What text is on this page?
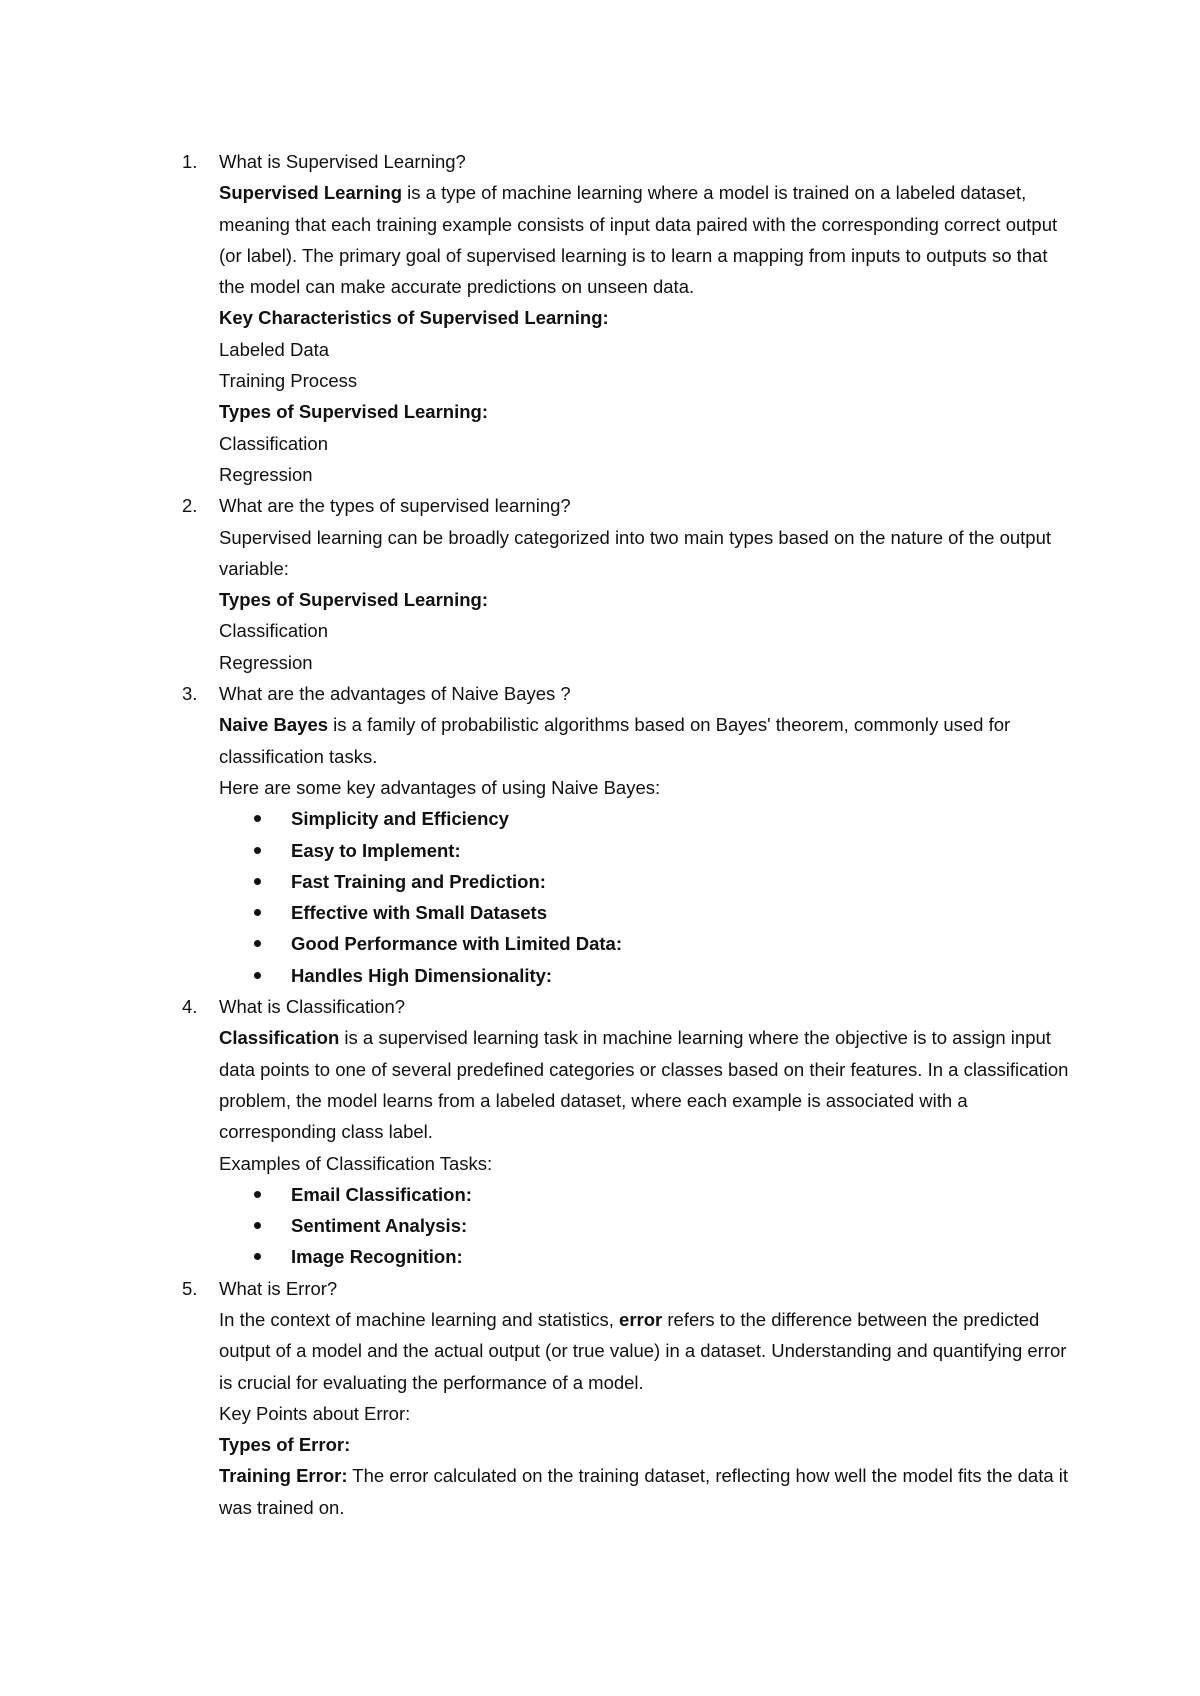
1. What is Supervised Learning?
Supervised Learning is a type of machine learning where a model is trained on a labeled dataset, meaning that each training example consists of input data paired with the corresponding correct output (or label). The primary goal of supervised learning is to learn a mapping from inputs to outputs so that the model can make accurate predictions on unseen data.
Key Characteristics of Supervised Learning:
Labeled Data
Training Process
Types of Supervised Learning:
Classification
Regression
2. What are the types of supervised learning?
Supervised learning can be broadly categorized into two main types based on the nature of the output variable:
Types of Supervised Learning:
Classification
Regression
3. What are the advantages of Naive Bayes ?
Naive Bayes is a family of probabilistic algorithms based on Bayes' theorem, commonly used for classification tasks.
Here are some key advantages of using Naive Bayes:
Simplicity and Efficiency
Easy to Implement:
Fast Training and Prediction:
Effective with Small Datasets
Good Performance with Limited Data:
Handles High Dimensionality:
4. What is Classification?
Classification is a supervised learning task in machine learning where the objective is to assign input data points to one of several predefined categories or classes based on their features. In a classification problem, the model learns from a labeled dataset, where each example is associated with a corresponding class label.
Examples of Classification Tasks:
Email Classification:
Sentiment Analysis:
Image Recognition:
5. What is Error?
In the context of machine learning and statistics, error refers to the difference between the predicted output of a model and the actual output (or true value) in a dataset. Understanding and quantifying error is crucial for evaluating the performance of a model.
Key Points about Error:
Types of Error:
Training Error: The error calculated on the training dataset, reflecting how well the model fits the data it was trained on.
